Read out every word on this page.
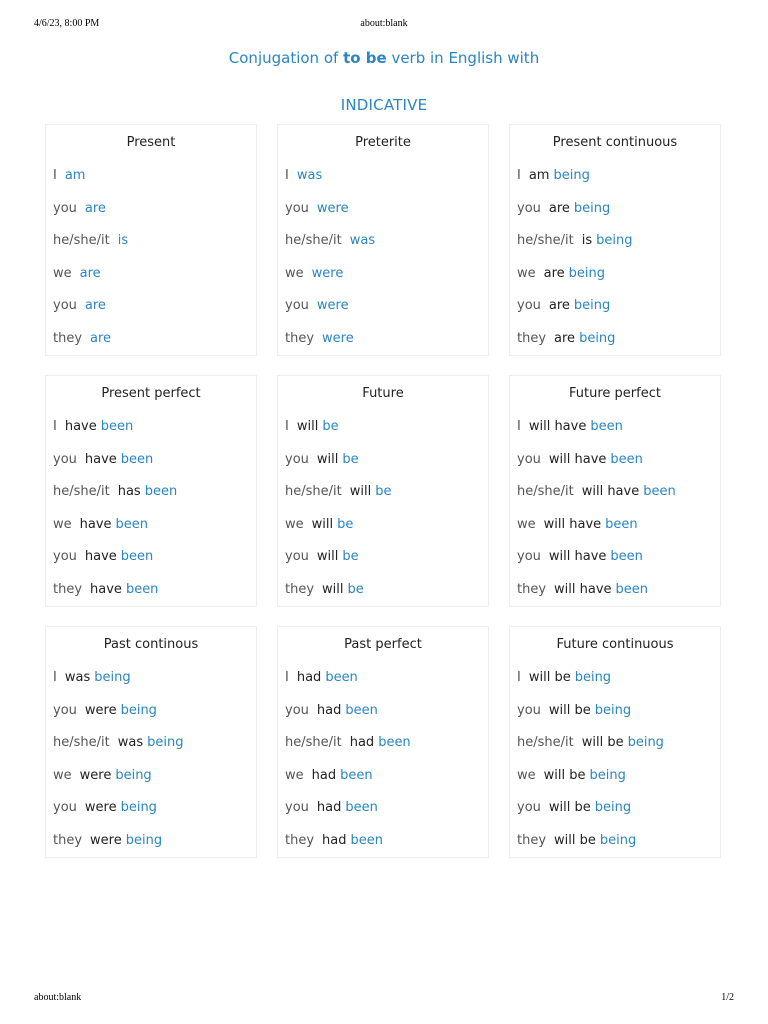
4/6/23, 8:00 PM	about:blank
Conjugation of to be verb in English with
INDICATIVE
Present
I am
you are
he/she/it is
we are
you are
they are
Preterite
I was
you were
he/she/it was
we were
you were
they were
Present continuous
I am being
you are being
he/she/it is being
we are being
you are being
they are being
Present perfect
I have been
you have been
he/she/it has been
we have been
you have been
they have been
Future
I will be
you will be
he/she/it will be
we will be
you will be
they will be
Future perfect
I will have been
you will have been
he/she/it will have been
we will have been
you will have been
they will have been
Past continous
I was being
you were being
he/she/it was being
we were being
you were being
they were being
Past perfect
I had been
you had been
he/she/it had been
we had been
you had been
they had been
Future continuous
I will be being
you will be being
he/she/it will be being
we will be being
you will be being
they will be being
about:blank	1/2
